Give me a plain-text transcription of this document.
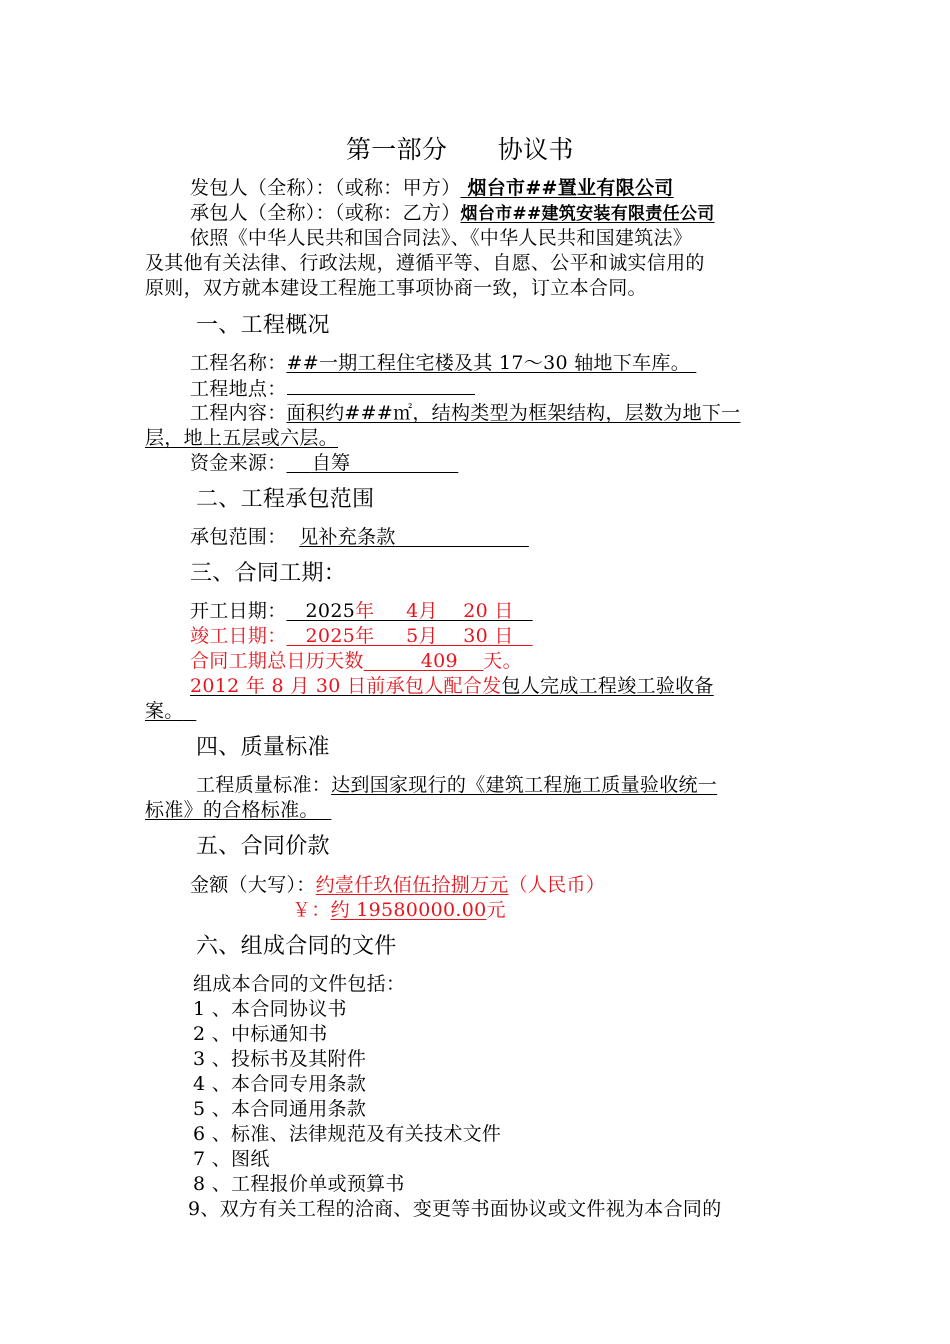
第一部分　　协议书
发包人（全称）：（或称：甲方） 烟台市##置业有限公司
承包人（全称）：（或称：乙方）烟台市##建筑安装有限责任公司
依照《中华人民共和国合同法》、《中华人民共和国建筑法》
及其他有关法律、行政法规，遵循平等、自愿、公平和诚实信用的
原则，双方就本建设工程施工事项协商一致，订立本合同。
一、工程概况
工程名称：##一期工程住宅楼及其 17～30 轴地下车库。
工程地点：
工程内容：面积约###㎡，结构类型为框架结构，层数为地下一
层，地上五层或六层。
资金来源： 自筹
二、工程承包范围
承包范围： 见补充条款
三、合同工期：
开工日期： 2025年 4月 20 日
竣工日期： 2025年 5月 30 日
合同工期总日历天数	409 天。
2012 年 8 月 30 日前承包人配合发包人完成工程竣工验收备
案。
四、质量标准
工程质量标准：达到国家现行的《建筑工程施工质量验收统一
标准》的合格标准。
五、合同价款
金额（大写）：约壹仟玖佰伍拾捌万元（人民币）
￥：约 19580000.00元
六、组成合同的文件
组成本合同的文件包括：
1 、本合同协议书
2 、中标通知书
3 、投标书及其附件
4 、本合同专用条款
5 、本合同通用条款
6 、标准、法律规范及有关技术文件
7 、图纸
8 、工程报价单或预算书
9、双方有关工程的洽商、变更等书面协议或文件视为本合同的
